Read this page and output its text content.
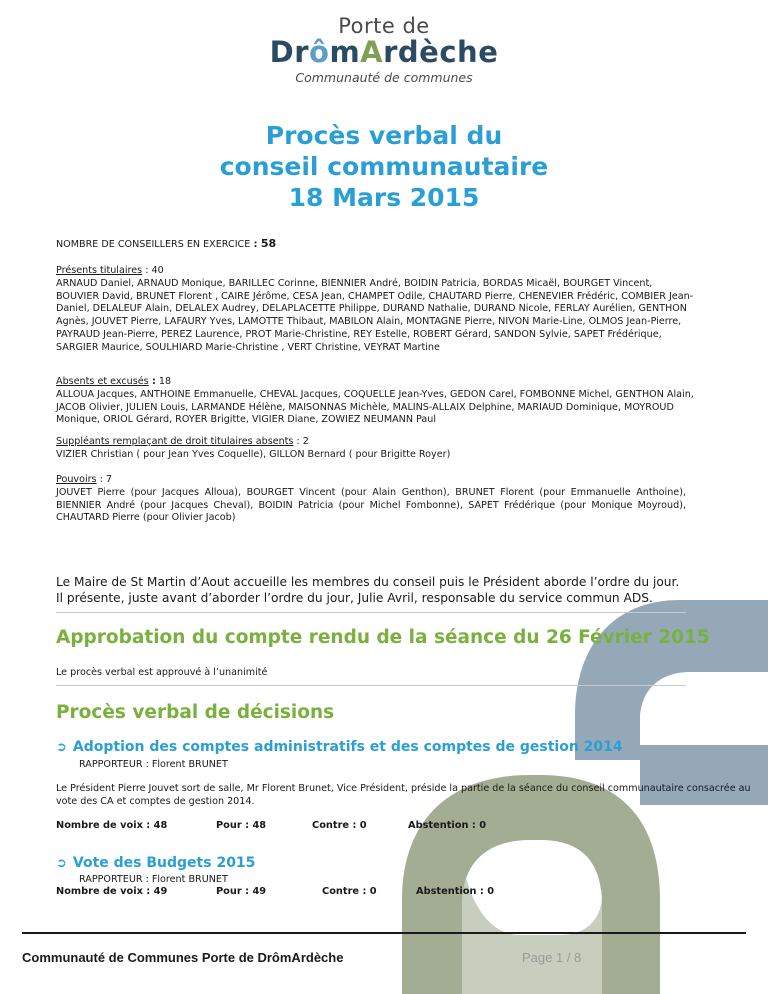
Porte de
DrômArdèche
Communauté de communes
Procès verbal du
conseil communautaire
18 Mars 2015
NOMBRE DE CONSEILLERS EN EXERCICE : 58
Présents titulaires : 40
ARNAUD Daniel, ARNAUD Monique, BARILLEC Corinne, BIENNIER André, BOIDIN Patricia, BORDAS Micaël, BOURGET Vincent, BOUVIER David, BRUNET Florent , CAIRE Jérôme, CESA Jean, CHAMPET Odile, CHAUTARD Pierre, CHENEVIER Frédéric, COMBIER Jean-Daniel, DELALEUF Alain, DELALEX Audrey, DELAPLACETTE Philippe, DURAND Nathalie, DURAND Nicole, FERLAY Aurélien, GENTHON Agnès, JOUVET Pierre, LAFAURY Yves, LAMOTTE Thibaut, MABILON Alain, MONTAGNE Pierre, NIVON Marie-Line, OLMOS Jean-Pierre, PAYRAUD Jean-Pierre, PEREZ Laurence, PROT Marie-Christine, REY Estelle, ROBERT Gérard, SANDON Sylvie, SAPET Frédérique, SARGIER Maurice, SOULHIARD Marie-Christine , VERT Christine, VEYRAT Martine
Absents et excusés : 18
ALLOUA Jacques, ANTHOINE Emmanuelle, CHEVAL Jacques, COQUELLE Jean-Yves, GEDON Carel, FOMBONNE Michel, GENTHON Alain, JACOB Olivier, JULIEN Louis, LARMANDE Hélène, MAISONNAS Michèle, MALINS-ALLAIX Delphine, MARIAUD Dominique, MOYROUD Monique, ORIOL Gérard, ROYER Brigitte, VIGIER Diane, ZOWIEZ NEUMANN Paul
Suppléants remplaçant de droit titulaires absents : 2
VIZIER Christian ( pour Jean Yves Coquelle), GILLON Bernard ( pour Brigitte Royer)
Pouvoirs : 7
JOUVET Pierre (pour Jacques Alloua), BOURGET Vincent (pour Alain Genthon), BRUNET Florent (pour Emmanuelle Anthoine), BIENNIER André (pour Jacques Cheval), BOIDIN Patricia (pour Michel Fombonne), SAPET Frédérique (pour Monique Moyroud), CHAUTARD Pierre (pour Olivier Jacob)
Le Maire de St Martin d’Aout accueille les membres du conseil puis le Président aborde l’ordre du jour.
Il présente, juste avant d’aborder l’ordre du jour, Julie Avril, responsable du service commun ADS.
Approbation du compte rendu de la séance du 26 Février 2015
Le procès verbal est approuvé à l’unanimité
Procès verbal de décisions
➲ Adoption des comptes administratifs et des comptes de gestion 2014
RAPPORTEUR : Florent BRUNET
Le Président Pierre Jouvet sort de salle, Mr Florent Brunet, Vice Président, préside la partie de la séance du conseil communautaire consacrée au vote des CA et comptes de gestion 2014.
Nombre de voix : 48	Pour : 48	Contre : 0	Abstention : 0
➲ Vote des Budgets 2015
RAPPORTEUR : Florent BRUNET
Nombre de voix : 49	Pour : 49	Contre : 0	Abstention : 0
Communauté de Communes Porte de DrômArdèche	Page 1 / 8
